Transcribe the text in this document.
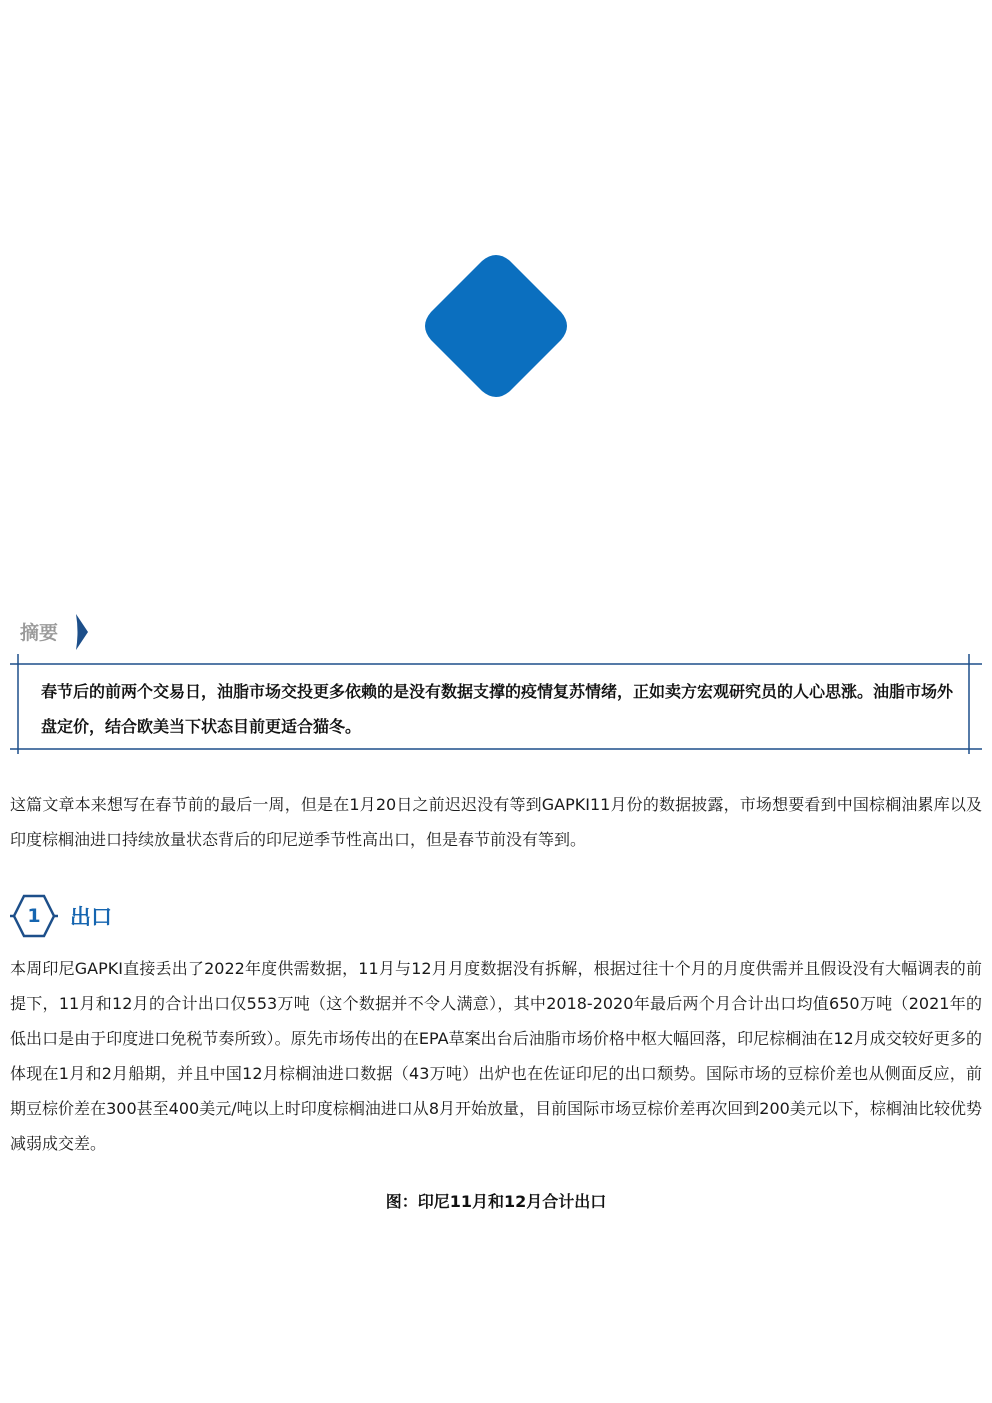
摘要
春节后的前两个交易日，油脂市场交投更多依赖的是没有数据支撑的疫情复苏情绪，正如卖方宏观研究员的人心思涨。油脂市场外盘定价，结合欧美当下状态目前更适合猫冬。
这篇文章本来想写在春节前的最后一周，但是在1月20日之前迟迟没有等到GAPKI11月份的数据披露，市场想要看到中国棕榈油累库以及印度棕榈油进口持续放量状态背后的印尼逆季节性高出口，但是春节前没有等到。
1	出口
本周印尼GAPKI直接丢出了2022年度供需数据，11月与12月月度数据没有拆解，根据过往十个月的月度供需并且假设没有大幅调表的前提下，11月和12月的合计出口仅553万吨（这个数据并不令人满意），其中2018-2020年最后两个月合计出口均值650万吨（2021年的低出口是由于印度进口免税节奏所致）。原先市场传出的在EPA草案出台后油脂市场价格中枢大幅回落，印尼棕榈油在12月成交较好更多的体现在1月和2月船期，并且中国12月棕榈油进口数据（43万吨）出炉也在佐证印尼的出口颓势。国际市场的豆棕价差也从侧面反应，前期豆棕价差在300甚至400美元/吨以上时印度棕榈油进口从8月开始放量，目前国际市场豆棕价差再次回到200美元以下，棕榈油比较优势减弱成交差。
图：印尼11月和12月合计出口
